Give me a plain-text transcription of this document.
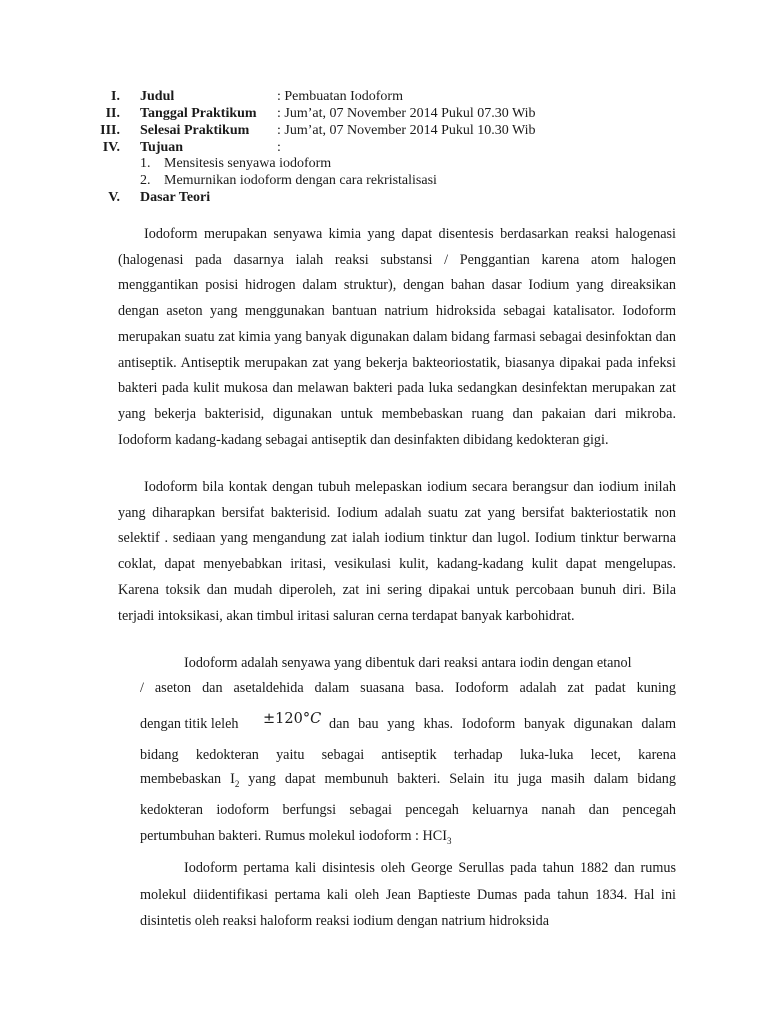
I. Judul	: Pembuatan Iodoform
II. Tanggal Praktikum : Jum’at, 07 November 2014 Pukul 07.30 Wib
III. Selesai Praktikum : Jum’at, 07 November 2014 Pukul 10.30 Wib
IV. Tujuan	:
1. Mensitesis senyawa iodoform
2. Memurnikan iodoform dengan cara rekristalisasi
V. Dasar Teori
Iodoform merupakan senyawa kimia yang dapat disentesis berdasarkan reaksi halogenasi (halogenasi pada dasarnya ialah reaksi substansi / Penggantian karena atom halogen menggantikan posisi hidrogen dalam struktur), dengan bahan dasar Iodium yang direaksikan dengan aseton yang menggunakan bantuan natrium hidroksida sebagai katalisator. Iodoform merupakan suatu zat kimia yang banyak digunakan dalam bidang farmasi sebagai desinfoktan dan antiseptik. Antiseptik merupakan zat yang bekerja bakteoriostatik, biasanya dipakai pada infeksi bakteri pada kulit mukosa dan melawan bakteri pada luka sedangkan desinfektan merupakan zat yang bekerja bakterisid, digunakan untuk membebaskan ruang dan pakaian dari mikroba. Iodoform kadang-kadang sebagai antiseptik dan desinfakten dibidang kedokteran gigi.
Iodoform bila kontak dengan tubuh melepaskan iodium secara berangsur dan iodium inilah yang diharapkan bersifat bakterisid. Iodium adalah suatu zat yang bersifat bakteriostatik non selektif . sediaan yang mengandung zat ialah iodium tinktur dan lugol. Iodium tinktur berwarna coklat, dapat menyebabkan iritasi, vesikulasi kulit, kadang-kadang kulit dapat mengelupas. Karena toksik dan mudah diperoleh, zat ini sering dipakai untuk percobaan bunuh diri. Bila terjadi intoksikasi, akan timbul iritasi saluran cerna terdapat banyak karbohidrat.
Iodoform adalah senyawa yang dibentuk dari reaksi antara iodin dengan etanol
/ aseton dan asetaldehida dalam suasana basa. Iodoform adalah zat padat kuning
dengan titik leleh ±120°C dan bau yang khas. Iodoform banyak digunakan dalam
bidang kedokteran yaitu sebagai antiseptik terhadap luka-luka lecet, karena
membebaskan $I_2$ yang dapat membunuh bakteri. Selain itu juga masih dalam bidang kedokteran iodoform berfungsi sebagai pencegah keluarnya nanah dan pencegah pertumbuhan bakteri. Rumus molekul iodoform : $HCI_3$
Iodoform pertama kali disintesis oleh George Serullas pada tahun 1882 dan rumus molekul diidentifikasi pertama kali oleh Jean Baptieste Dumas pada tahun 1834. Hal ini disintetis oleh reaksi haloform reaksi iodium dengan natrium hidroksida
